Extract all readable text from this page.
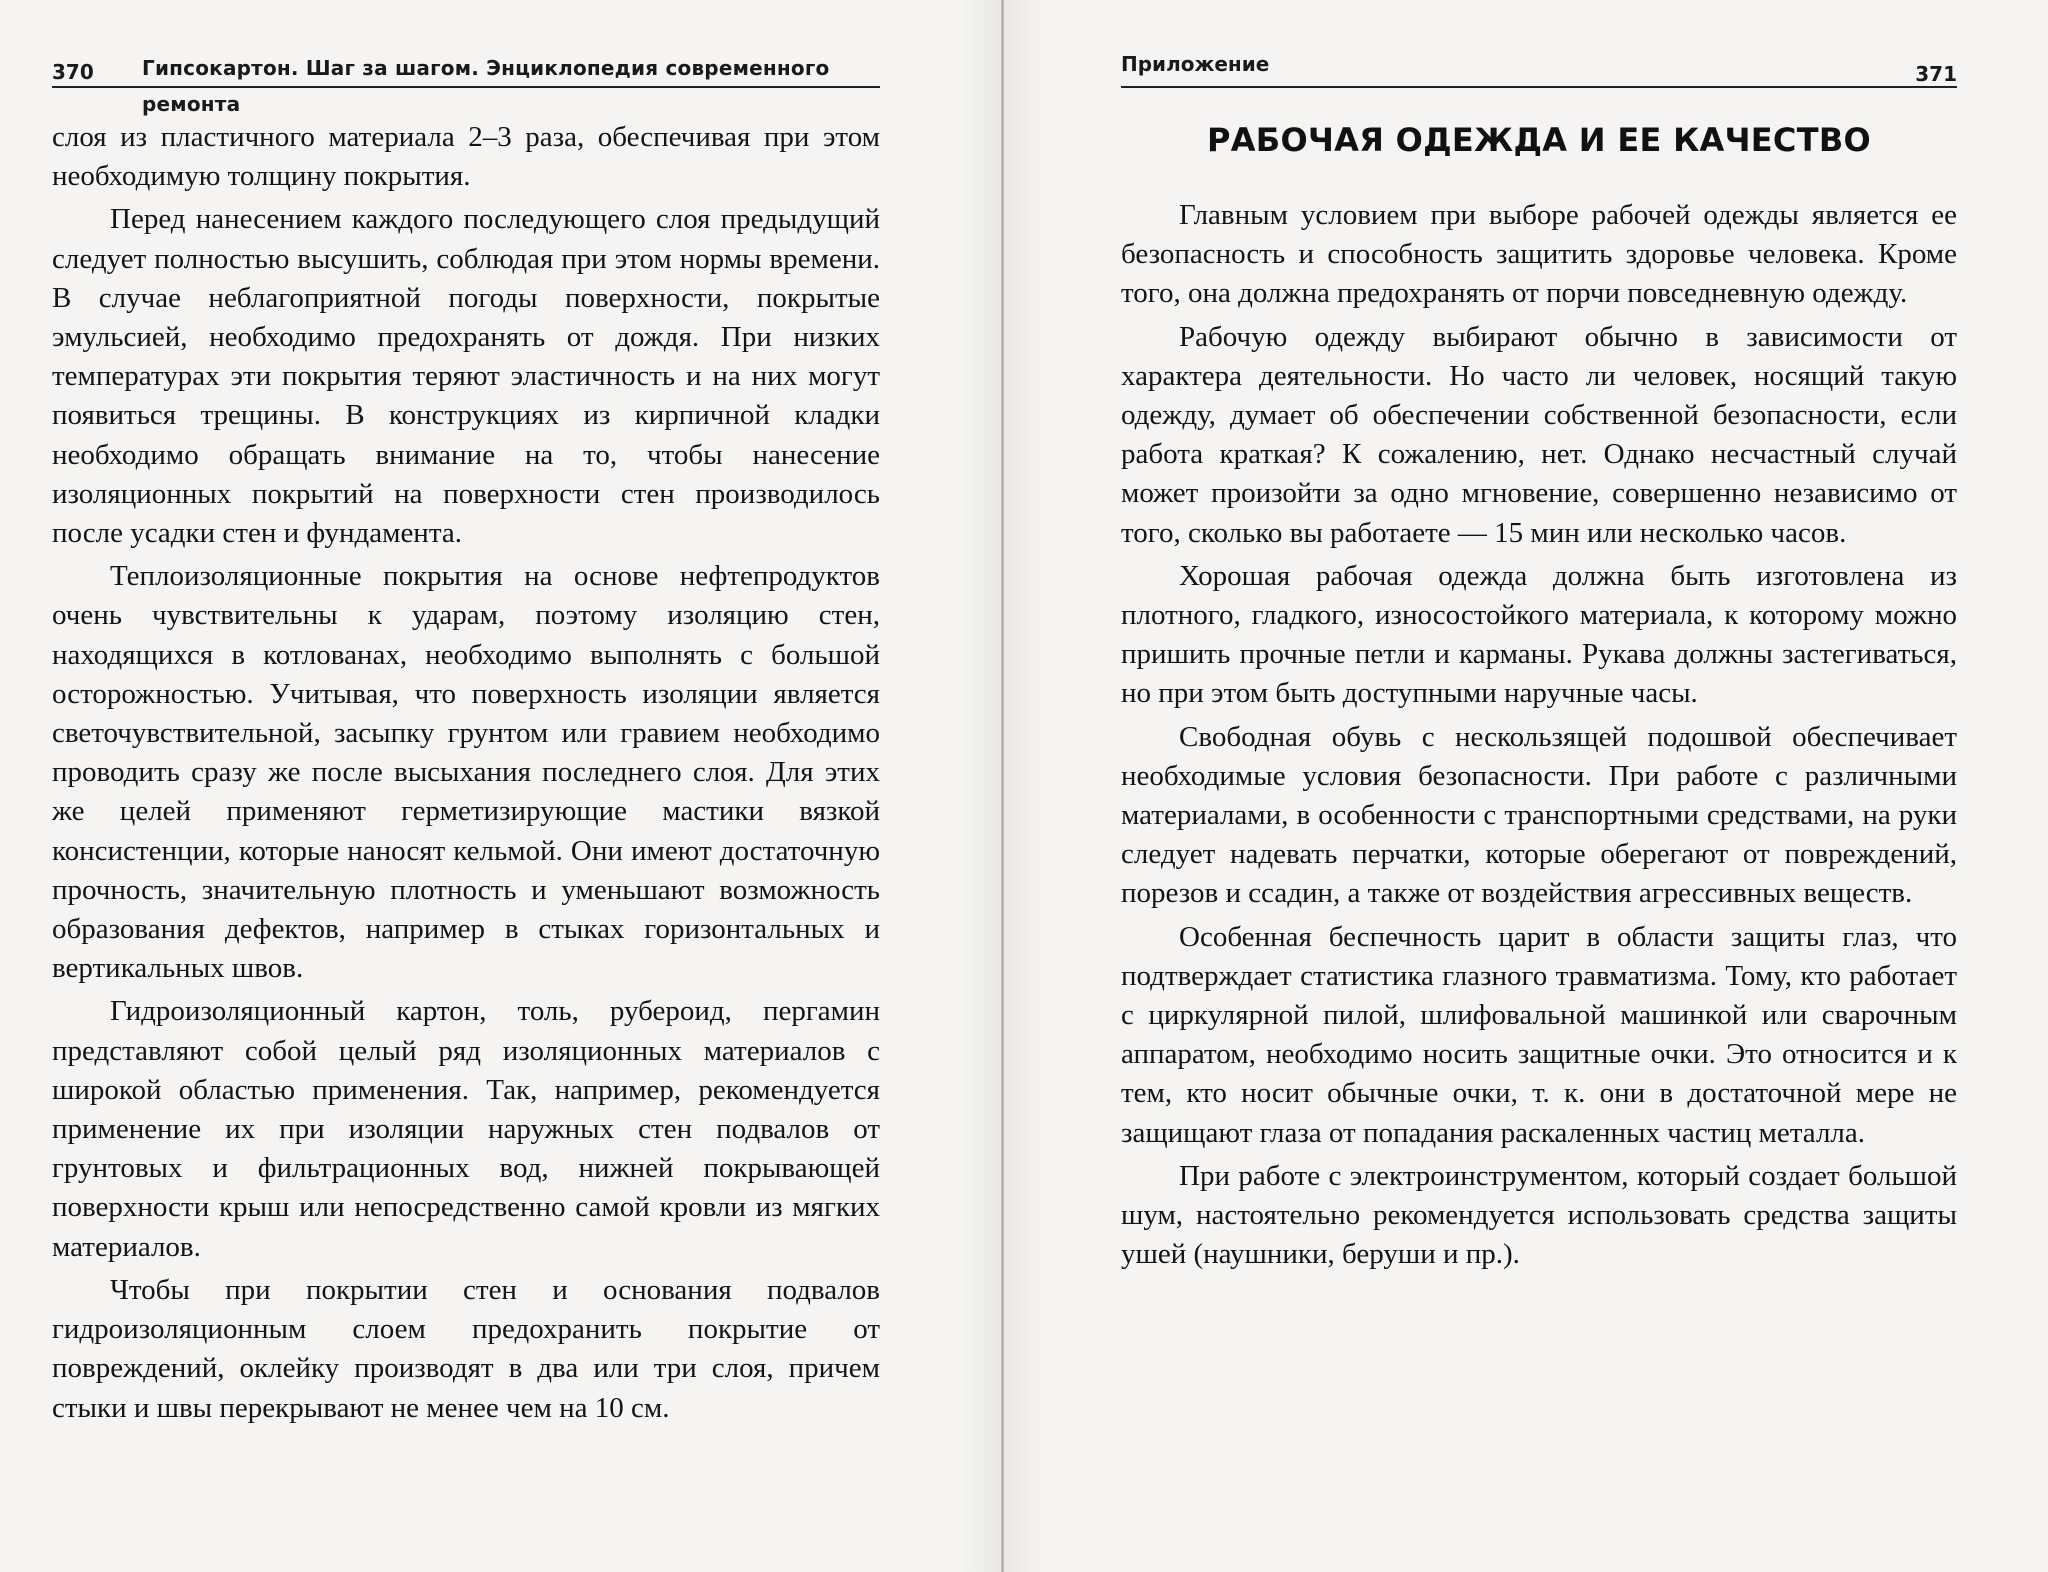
370 Гипсокартон. Шаг за шагом. Энциклопедия современного ремонта

слоя из пластичного материала 2–3 раза, обеспечивая при этом необходимую толщину покрытия.

Перед нанесением каждого последующего слоя предыдущий следует полностью высушить, соблюдая при этом нормы времени. В случае неблагоприятной погоды поверхности, покрытые эмульсией, необходимо предохранять от дождя. При низких температурах эти покрытия теряют эластичность и на них могут появиться трещины. В конструкциях из кирпичной кладки необходимо обращать внимание на то, чтобы нанесение изоляционных покрытий на поверхности стен производилось после усадки стен и фундамента.

Теплоизоляционные покрытия на основе нефтепродуктов очень чувствительны к ударам, поэтому изоляцию стен, находящихся в котлованах, необходимо выполнять с большой осторожностью. Учитывая, что поверхность изоляции является светочувствительной, засыпку грунтом или гравием необходимо проводить сразу же после высыхания последнего слоя. Для этих же целей применяют герметизирующие мастики вязкой консистенции, которые наносят кельмой. Они имеют достаточную прочность, значительную плотность и уменьшают возможность образования дефектов, например в стыках горизонтальных и вертикальных швов.

Гидроизоляционный картон, толь, рубероид, пергамин представляют собой целый ряд изоляционных материалов с широкой областью применения. Так, например, рекомендуется применение их при изоляции наружных стен подвалов от грунтовых и фильтрационных вод, нижней покрывающей поверхности крыш или непосредственно самой кровли из мягких материалов.

Чтобы при покрытии стен и основания подвалов гидроизоляционным слоем предохранить покрытие от повреждений, оклейку производят в два или три слоя, причем стыки и швы перекрывают не менее чем на 10 см.

Приложение	371
РАБОЧАЯ ОДЕЖДА И ЕЕ КАЧЕСТВО

Главным условием при выборе рабочей одежды является ее безопасность и способность защитить здоровье человека. Кроме того, она должна предохранять от порчи повседневную одежду.

Рабочую одежду выбирают обычно в зависимости от характера деятельности. Но часто ли человек, носящий такую одежду, думает об обеспечении собственной безопасности, если работа краткая? К сожалению, нет. Однако несчастный случай может произойти за одно мгновение, совершенно независимо от того, сколько вы работаете — 15 мин или несколько часов.

Хорошая рабочая одежда должна быть изготовлена из плотного, гладкого, износостойкого материала, к которому можно пришить прочные петли и карманы. Рукава должны застегиваться, но при этом быть доступными наручные часы.

Свободная обувь с нескользящей подошвой обеспечивает необходимые условия безопасности. При работе с различными материалами, в особенности с транспортными средствами, на руки следует надевать перчатки, которые оберегают от повреждений, порезов и ссадин, а также от воздействия агрессивных веществ.

Особенная беспечность царит в области защиты глаз, что подтверждает статистика глазного травматизма. Тому, кто работает с циркулярной пилой, шлифовальной машинкой или сварочным аппаратом, необходимо носить защитные очки. Это относится и к тем, кто носит обычные очки, т. к. они в достаточной мере не защищают глаза от попадания раскаленных частиц металла.

При работе с электроинструментом, который создает большой шум, настоятельно рекомендуется использовать средства защиты ушей (наушники, беруши и пр.).
